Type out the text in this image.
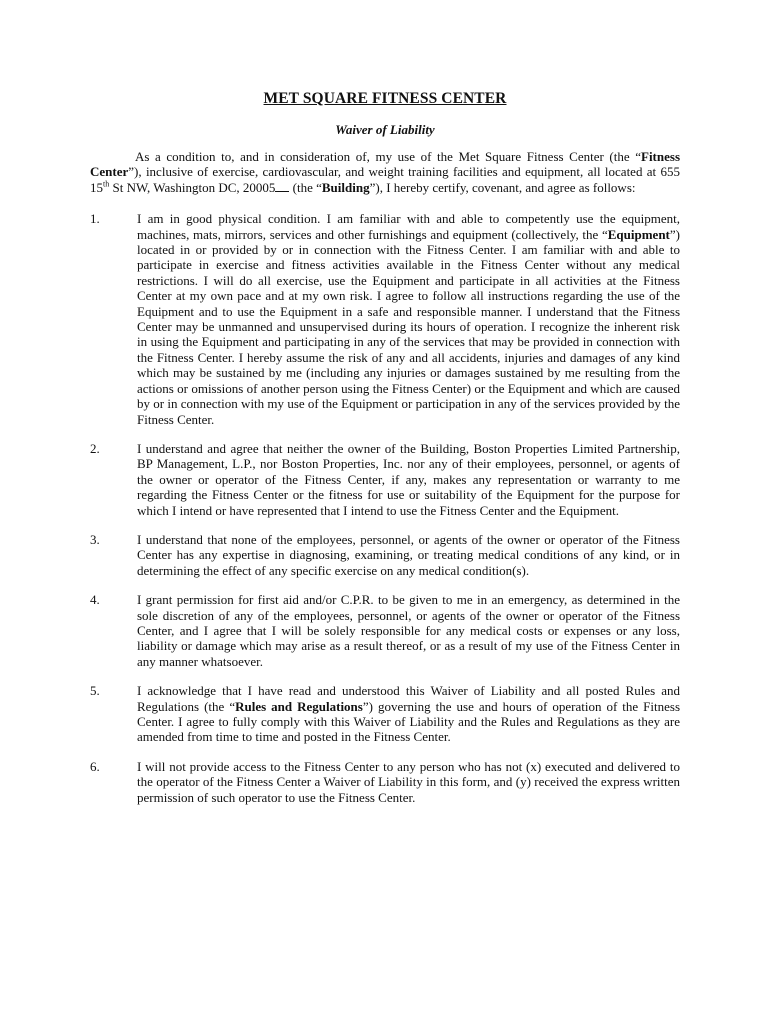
MET SQUARE FITNESS CENTER
Waiver of Liability
As a condition to, and in consideration of, my use of the Met Square Fitness Center (the “Fitness Center”), inclusive of exercise, cardiovascular, and weight training facilities and equipment, all located at 655 15th St NW, Washington DC, 20005 (the “Building”), I hereby certify, covenant, and agree as follows:
1.	I am in good physical condition. I am familiar with and able to competently use the equipment, machines, mats, mirrors, services and other furnishings and equipment (collectively, the “Equipment”) located in or provided by or in connection with the Fitness Center. I am familiar with and able to participate in exercise and fitness activities available in the Fitness Center without any medical restrictions. I will do all exercise, use the Equipment and participate in all activities at the Fitness Center at my own pace and at my own risk. I agree to follow all instructions regarding the use of the Equipment and to use the Equipment in a safe and responsible manner. I understand that the Fitness Center may be unmanned and unsupervised during its hours of operation. I recognize the inherent risk in using the Equipment and participating in any of the services that may be provided in connection with the Fitness Center. I hereby assume the risk of any and all accidents, injuries and damages of any kind which may be sustained by me (including any injuries or damages sustained by me resulting from the actions or omissions of another person using the Fitness Center) or the Equipment and which are caused by or in connection with my use of the Equipment or participation in any of the services provided by the Fitness Center.
2.	I understand and agree that neither the owner of the Building, Boston Properties Limited Partnership, BP Management, L.P., nor Boston Properties, Inc. nor any of their employees, personnel, or agents of the owner or operator of the Fitness Center, if any, makes any representation or warranty to me regarding the Fitness Center or the fitness for use or suitability of the Equipment for the purpose for which I intend or have represented that I intend to use the Fitness Center and the Equipment.
3.	I understand that none of the employees, personnel, or agents of the owner or operator of the Fitness Center has any expertise in diagnosing, examining, or treating medical conditions of any kind, or in determining the effect of any specific exercise on any medical condition(s).
4.	I grant permission for first aid and/or C.P.R. to be given to me in an emergency, as determined in the sole discretion of any of the employees, personnel, or agents of the owner or operator of the Fitness Center, and I agree that I will be solely responsible for any medical costs or expenses or any loss, liability or damage which may arise as a result thereof, or as a result of my use of the Fitness Center in any manner whatsoever.
5.	I acknowledge that I have read and understood this Waiver of Liability and all posted Rules and Regulations (the “Rules and Regulations”) governing the use and hours of operation of the Fitness Center. I agree to fully comply with this Waiver of Liability and the Rules and Regulations as they are amended from time to time and posted in the Fitness Center.
6.	I will not provide access to the Fitness Center to any person who has not (x) executed and delivered to the operator of the Fitness Center a Waiver of Liability in this form, and (y) received the express written permission of such operator to use the Fitness Center.
